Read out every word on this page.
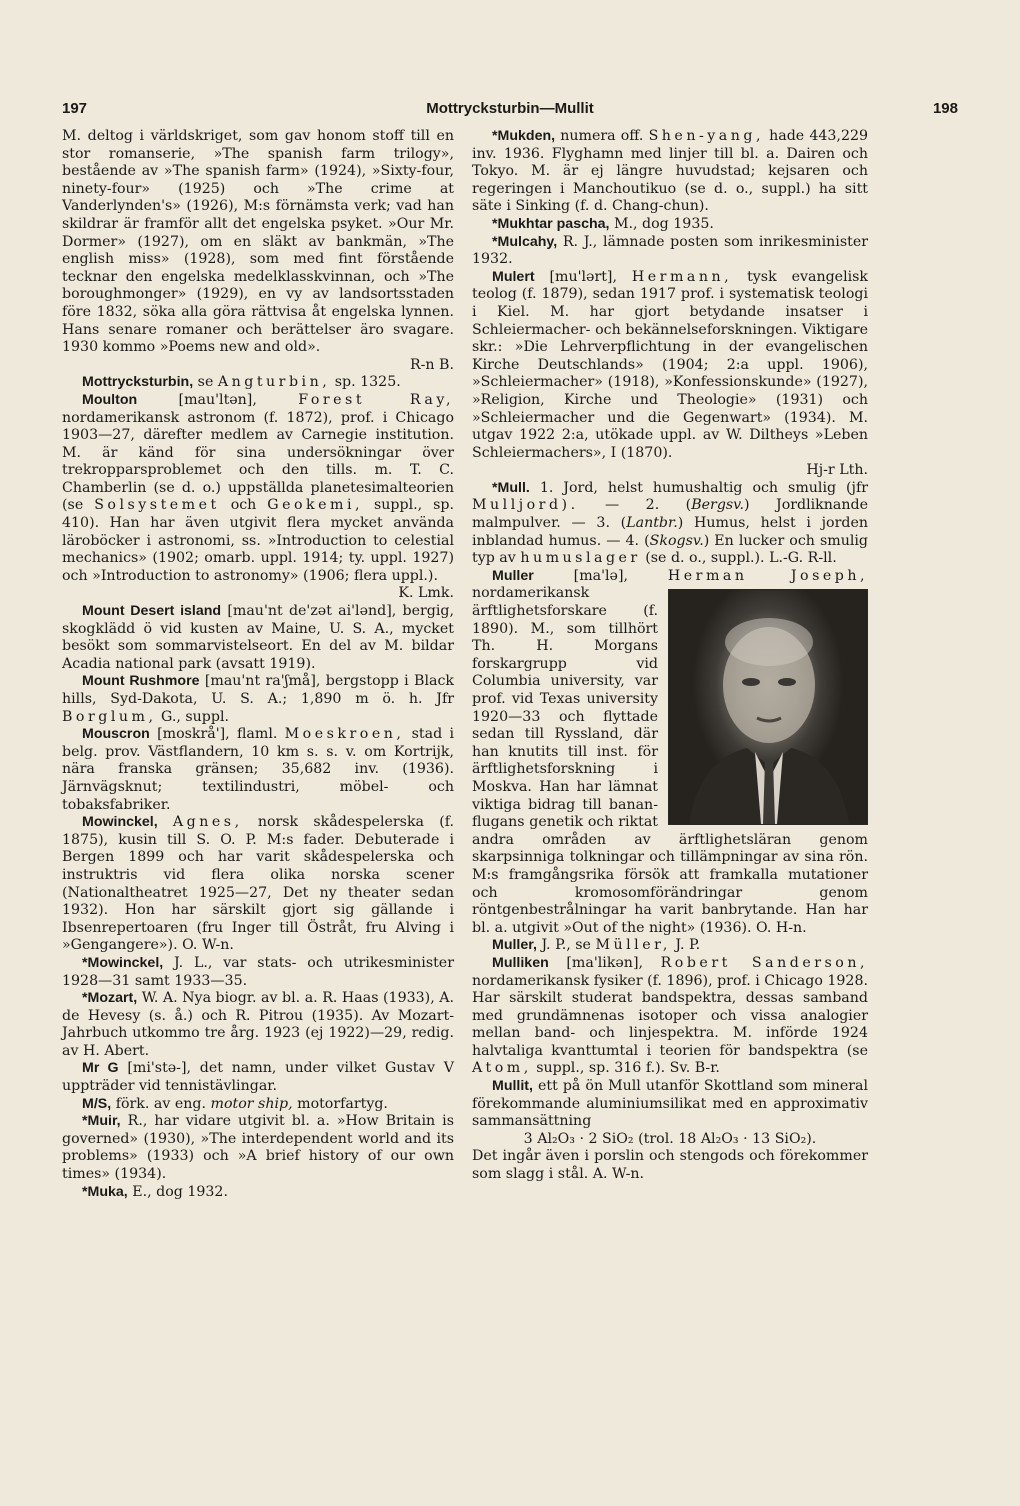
197	Mottrycksturbin—Mullit	198

M. deltog i världskriget, som gav honom stoff till en stor romanserie, »The spanish farm trilogy», bestående av »The spanish farm» (1924), »Sixty-four, ninety-four» (1925) och »The crime at Vanderlynden's» (1926), M:s förnämsta verk; vad han skildrar är framför allt det engelska psyket. »Our Mr. Dormer» (1927), om en släkt av bankmän, »The english miss» (1928), som med fint förstående tecknar den engelska medelklasskvinnan, och »The boroughmonger» (1929), en vy av landsortsstaden före 1832, söka alla göra rättvisa åt engelska lynnen. Hans senare romaner och berättelser äro svagare. 1930 kommo »Poems new and old».
R-n B.

Mottrycksturbin, se Angturbin, sp. 1325.

Moulton	[mau'ltən],	Forest Ray, nordamerikansk astronom (f. 1872), prof. i Chicago 1903—27, därefter medlem av Carnegie institution. M. är känd för sina undersökningar över trekropparsproblemet och den tills. m. T. C. Chamberlin (se d. o.) uppställda planetesimalteorien (se Solsystemet och Geokemi, suppl., sp. 410). Han har även utgivit flera mycket använda läroböcker i astronomi, ss. »Introduction to celestial mechanics» (1902; omarb. uppl. 1914; ty. uppl. 1927) och »Introduction to astronomy» (1906; flera uppl.).
K. Lmk.

Mount Desert island [mau'nt de'zət ai'lənd], bergig, skogklädd ö vid kusten av Maine, U. S. A., mycket besökt som sommarvistelseort. En del av M. bildar Acadia national park (avsatt 1919).

Mount Rushmore [mau'nt ra'ʃmå], bergstopp i Black hills, Syd-Dakota, U. S. A.; 1,890 m ö. h. Jfr Borglum, G., suppl.

Mouscron [moskrå'], flaml. Moeskroen, stad i belg. prov. Västflandern, 10 km s. s. v. om Kortrijk, nära franska gränsen; 35,682 inv. (1936). Järnvägsknut; textilindustri, möbel- och tobaksfabriker.

Mowinckel, Agnes, norsk skådespelerska (f. 1875), kusin till S. O. P. M:s fader. Debuterade i Bergen 1899 och har varit skådespelerska och instruktris vid flera olika norska scener (Nationaltheatret 1925—27, Det ny theater sedan 1932). Hon har särskilt gjort sig gällande i Ibsenrepertoaren (fru Inger till Östråt, fru Alving i »Gengangere»). O. W-n.

*Mowinckel, J. L., var stats- och utrikesminister 1928—31 samt 1933—35.

*Mozart, W. A. Nya biogr. av bl. a. R. Haas (1933), A. de Hevesy (s. å.) och R. Pitrou (1935). Av Mozart-Jahrbuch utkommo tre årg. 1923 (ej 1922)—29, redig. av H. Abert.

Mr G [mi'stə-], det namn, under vilket Gustav V uppträder vid tennistävlingar.

M/S, förk. av eng. motor ship, motorfartyg.

*Muir, R., har vidare utgivit bl. a. »How Britain is governed» (1930), »The interdependent world and its problems» (1933) och »A brief history of our own times» (1934).

*Muka, E., dog 1932.

*Mukden, numera off. Shen-yang, hade 443,229 inv. 1936. Flyghamn med linjer till bl. a. Dairen och Tokyo. M. är ej längre huvudstad; kejsaren och regeringen i Manchoutikuo (se d. o., suppl.) ha sitt säte i Sinking (f. d. Chang-chun).

*Mukhtar pascha, M., dog 1935.

*Mulcahy, R. J., lämnade posten som inrikesminister 1932.

Mulert [mu'lərt], Hermann, tysk evangelisk teolog (f. 1879), sedan 1917 prof. i systematisk teologi i Kiel. M. har gjort betydande insatser i Schleiermacher- och bekännelseforskningen. Viktigare skr.: »Die Lehrverpflichtung in der evangelischen Kirche Deutschlands» (1904; 2:a uppl. 1906), »Schleiermacher» (1918), »Konfessionskunde» (1927), »Religion, Kirche und Theologie» (1931) och »Schleiermacher und die Gegenwart» (1934). M. utgav 1922 2:a, utökade uppl. av W. Diltheys »Leben Schleiermachers», I (1870).
Hj-r Lth.

*Mull. 1. Jord, helst humushaltig och smulig (jfr Mulljord). — 2. (Bergsv.) Jordliknande malmpulver. — 3. (Lantbr.) Humus, helst i jorden inblandad humus. — 4. (Skogsv.) En lucker och smulig typ av humuslager (se d. o., suppl.). L.-G. R-ll.

Muller	[ma'lə],	Herman Joseph,
nordamerikansk ärftlighetsforskare (f. 1890). M., som tillhört Th. H. Morgans forskargrupp vid Columbia university, var prof. vid Texas university 1920—33 och flyttade sedan till Ryssland, där han knutits till inst. för ärftlighetsforskning i Moskva. Han har lämnat viktiga bidrag till bananflugans genetik och riktat andra områden av ärftlighetsläran genom skarpsinniga tolkningar och tillämpningar av sina rön. M:s framgångsrika försök att framkalla mutationer och kromosomförändringar genom röntgenbestrålningar ha varit banbrytande. Han har bl. a. utgivit »Out of the night» (1936). O. H-n.

Muller, J. P., se Müller, J. P.

Mulliken [ma'likən], Robert Sanderson, nordamerikansk fysiker (f. 1896), prof. i Chicago 1928. Har särskilt studerat bandspektra, dessas samband med grundämnenas isotoper och vissa analogier mellan band- och linjespektra. M. införde 1924 halvtaliga kvanttumtal i teorien för bandspektra (se Atom, suppl., sp. 316 f.). Sv. B-r.

Mullit, ett på ön Mull utanför Skottland som mineral förekommande aluminiumsilikat med en approximativ sammansättning
3 Al₂O₃ · 2 SiO₂ (trol. 18 Al₂O₃ · 13 SiO₂).
Det ingår även i porslin och stengods och förekommer som slagg i stål. A. W-n.
